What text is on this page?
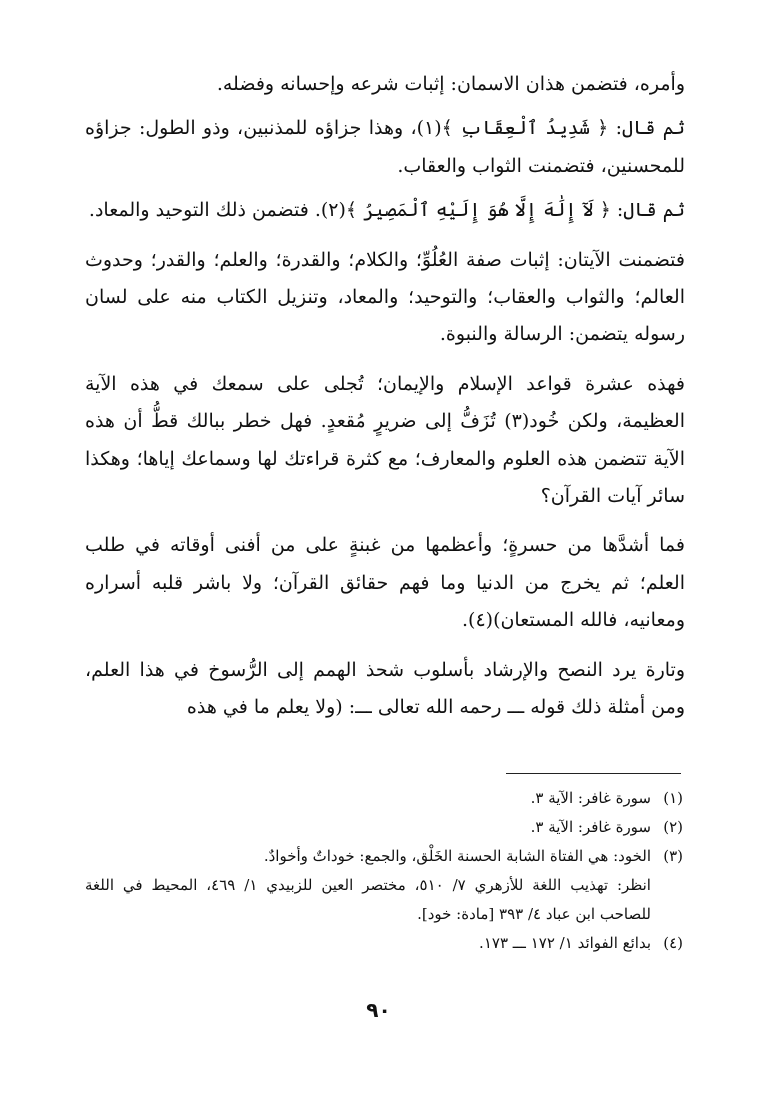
وأمره، فتضمن هذان الاسمان: إثبات شرعه وإحسانه وفضله.

ثم قال: ﴿ شَدِيدُ ٱلْعِقَابِ ﴾(١)، وهذا جزاؤه للمذنبين، وذو الطول: جزاؤه للمحسنين، فتضمنت الثواب والعقاب.

ثم قال: ﴿ لَآ إِلَٰهَ إِلَّا هُوَ إِلَيْهِ ٱلْمَصِيرُ ﴾(٢). فتضمن ذلك التوحيد والمعاد.

فتضمنت الآيتان: إثبات صفة العُلُوِّ؛ والكلام؛ والقدرة؛ والعلم؛ والقدر؛ وحدوث العالم؛ والثواب والعقاب؛ والتوحيد؛ والمعاد، وتنزيل الكتاب منه على لسان رسوله يتضمن: الرسالة والنبوة.

فهذه عشرة قواعد الإسلام والإيمان؛ تُجلى على سمعك في هذه الآية العظيمة، ولكن خُود(٣) تُزَفُّ إلى ضريرٍ مُقعدٍ. فهل خطر ببالك قطُّ أن هذه الآية تتضمن هذه العلوم والمعارف؛ مع كثرة قراءتك لها وسماعك إياها؛ وهكذا سائر آيات القرآن؟

فما أشدَّها من حسرةٍ؛ وأعظمها من غبنةٍ على من أفنى أوقاته في طلب العلم؛ ثم يخرج من الدنيا وما فهم حقائق القرآن؛ ولا باشر قلبه أسراره ومعانيه، فالله المستعان)(٤).

وتارة يرد النصح والإرشاد بأسلوب شحذ الهمم إلى الرُّسوخ في هذا العلم، ومن أمثلة ذلك قوله ـــ رحمه الله تعالى ـــ: (ولا يعلم ما في هذه

(١)سورة غافر: الآية ٣.

(٢)سورة غافر: الآية ٣.

(٣)الخود: هي الفتاة الشابة الحسنة الخَلْق، والجمع: خوداتٌ وأخوادٌ.

انظر: تهذيب اللغة للأزهري ٧/ ٥١٠، مختصر العين للزبيدي ١/ ٤٦٩، المحيط في اللغة للصاحب ابن عباد ٤/ ٣٩٣ [مادة: خود].

(٤)بدائع الفوائد ١/ ١٧٢ ـــ ١٧٣.

٩٠
